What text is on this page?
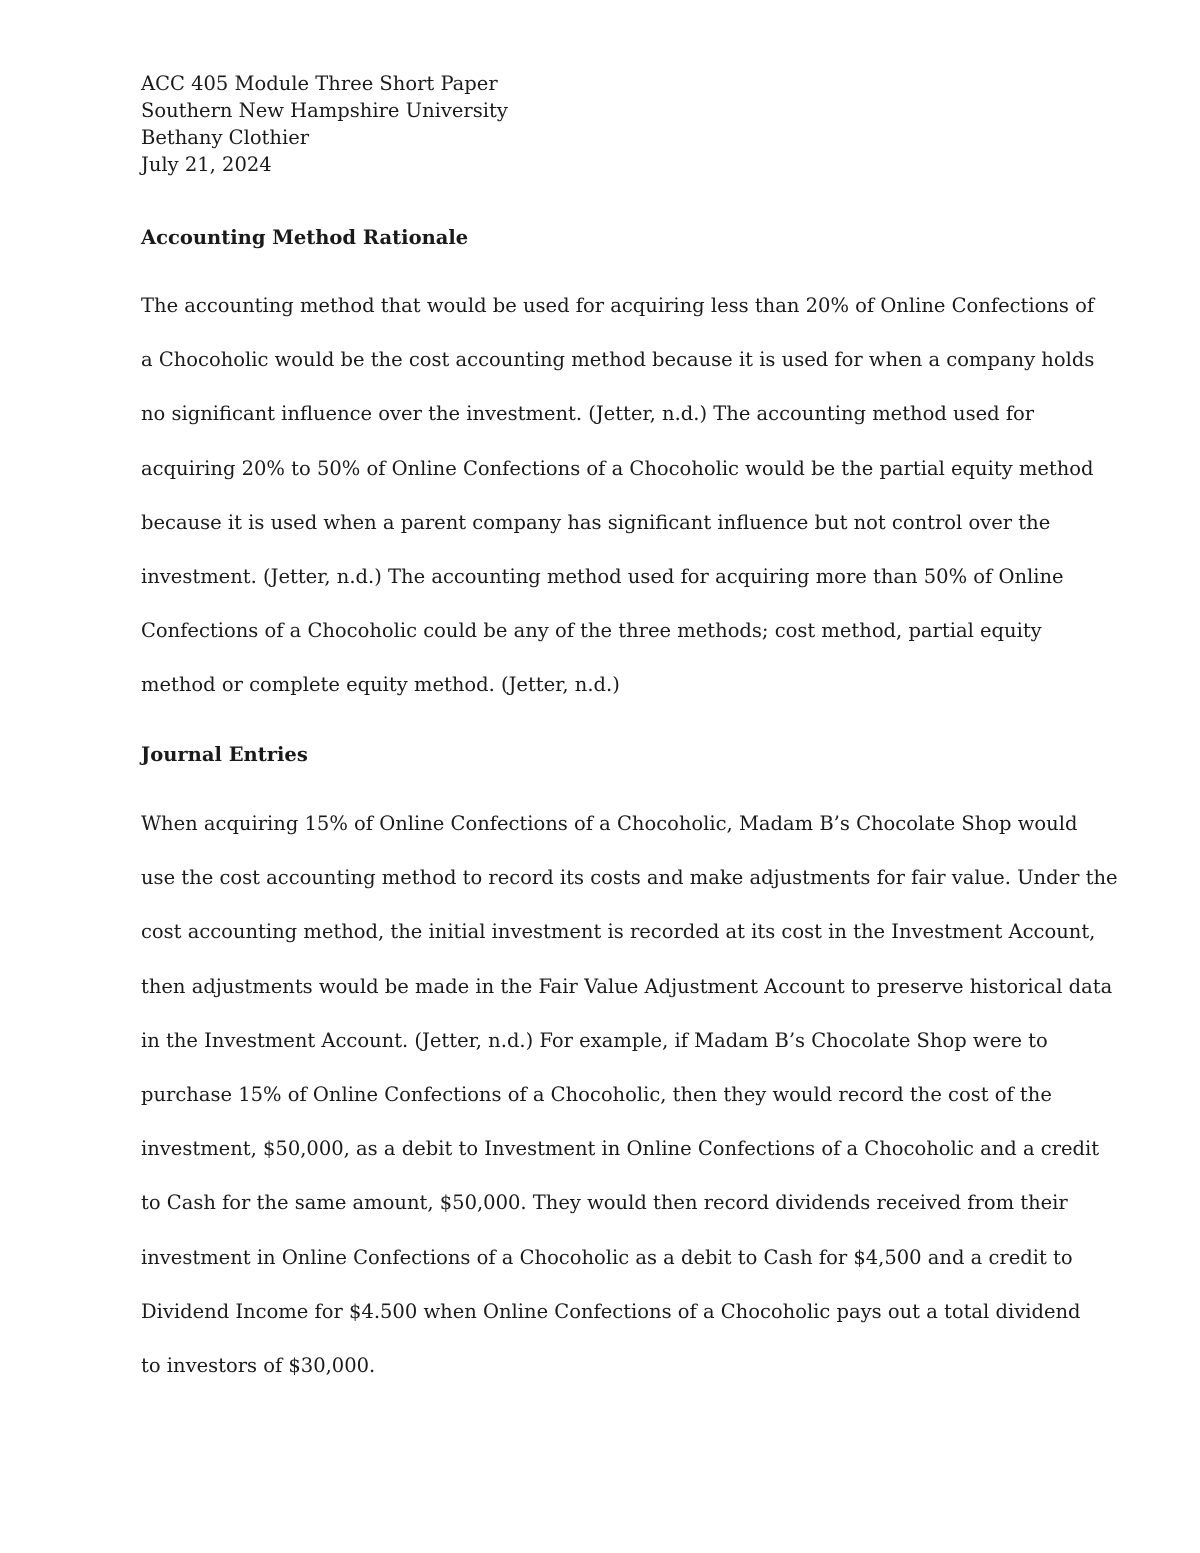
ACC 405 Module Three Short Paper
Southern New Hampshire University
Bethany Clothier
July 21, 2024
Accounting Method Rationale
The accounting method that would be used for acquiring less than 20% of Online Confections of
a Chocoholic would be the cost accounting method because it is used for when a company holds
no significant influence over the investment. (Jetter, n.d.) The accounting method used for
acquiring 20% to 50% of Online Confections of a Chocoholic would be the partial equity method
because it is used when a parent company has significant influence but not control over the
investment. (Jetter, n.d.) The accounting method used for acquiring more than 50% of Online
Confections of a Chocoholic could be any of the three methods; cost method, partial equity
method or complete equity method. (Jetter, n.d.)
Journal Entries
When acquiring 15% of Online Confections of a Chocoholic, Madam B’s Chocolate Shop would
use the cost accounting method to record its costs and make adjustments for fair value. Under the
cost accounting method, the initial investment is recorded at its cost in the Investment Account,
then adjustments would be made in the Fair Value Adjustment Account to preserve historical data
in the Investment Account. (Jetter, n.d.) For example, if Madam B’s Chocolate Shop were to
purchase 15% of Online Confections of a Chocoholic, then they would record the cost of the
investment, $50,000, as a debit to Investment in Online Confections of a Chocoholic and a credit
to Cash for the same amount, $50,000. They would then record dividends received from their
investment in Online Confections of a Chocoholic as a debit to Cash for $4,500 and a credit to
Dividend Income for $4.500 when Online Confections of a Chocoholic pays out a total dividend
to investors of $30,000.
